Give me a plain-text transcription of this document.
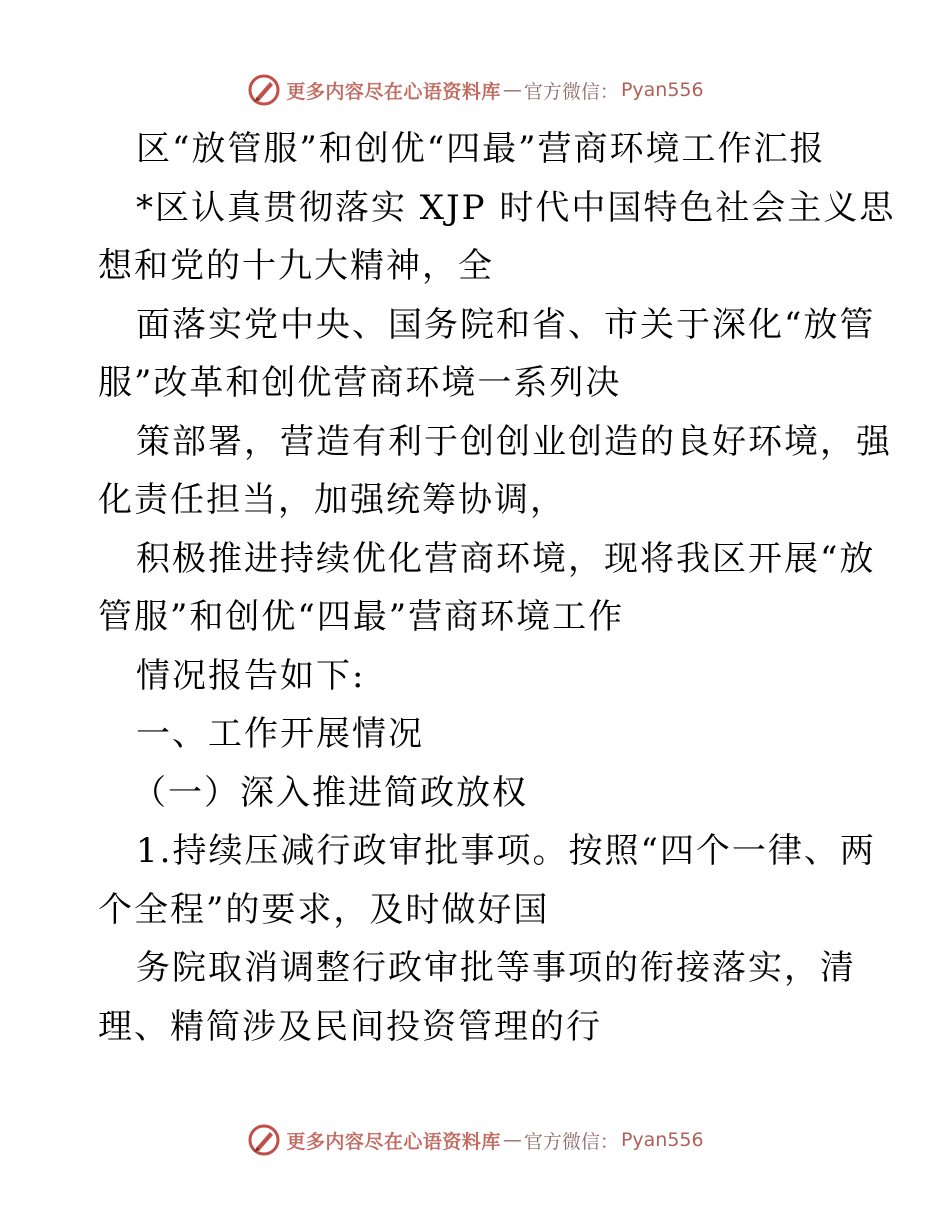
更多内容尽在心语资料库 — 官方微信： Pyan556
区“放管服”和创优“四最”营商环境工作汇报
*区认真贯彻落实 XJP 时代中国特色社会主义思
想和党的十九大精神，全
面落实党中央、国务院和省、市关于深化“放管
服”改革和创优营商环境一系列决
策部署，营造有利于创创业创造的良好环境，强
化责任担当，加强统筹协调，
积极推进持续优化营商环境，现将我区开展“放
管服”和创优“四最”营商环境工作
情况报告如下:
一、工作开展情况
（一）深入推进简政放权
1.持续压减行政审批事项。按照“四个一律、两
个全程”的要求，及时做好国
务院取消调整行政审批等事项的衔接落实，清
理、精简涉及民间投资管理的行
更多内容尽在心语资料库 — 官方微信： Pyan556
